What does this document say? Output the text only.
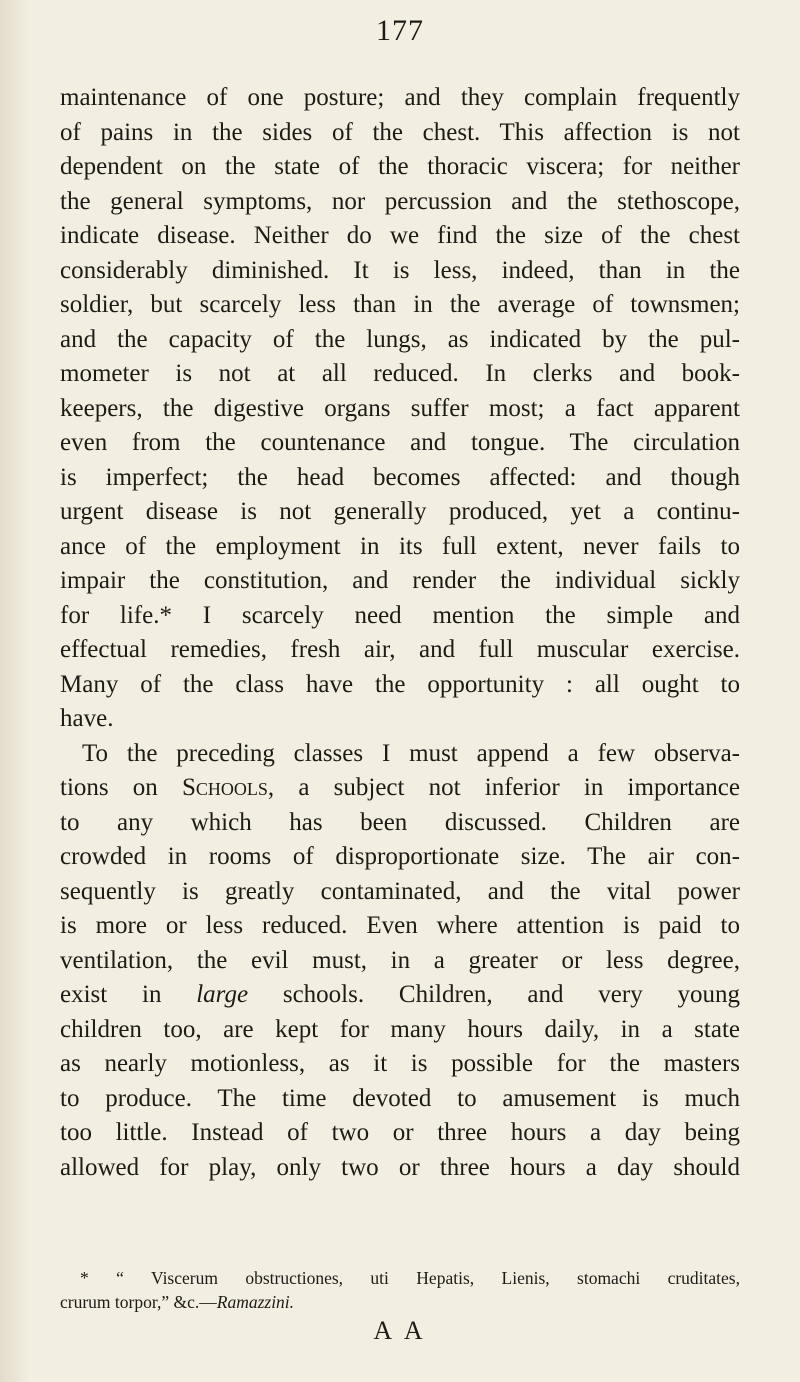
177
maintenance of one posture; and they complain frequently
of pains in the sides of the chest. This affection is not
dependent on the state of the thoracic viscera; for neither
the general symptoms, nor percussion and the stethoscope,
indicate disease. Neither do we find the size of the chest
considerably diminished. It is less, indeed, than in the
soldier, but scarcely less than in the average of townsmen;
and the capacity of the lungs, as indicated by the pul-
mometer is not at all reduced. In clerks and book-
keepers, the digestive organs suffer most; a fact apparent
even from the countenance and tongue. The circulation
is imperfect; the head becomes affected: and though
urgent disease is not generally produced, yet a continu-
ance of the employment in its full extent, never fails to
impair the constitution, and render the individual sickly
for life.* I scarcely need mention the simple and
effectual remedies, fresh air, and full muscular exercise.
Many of the class have the opportunity : all ought to
have.
To the preceding classes I must append a few observa-
tions on Schools, a subject not inferior in importance
to any which has been discussed. Children are
crowded in rooms of disproportionate size. The air con-
sequently is greatly contaminated, and the vital power
is more or less reduced. Even where attention is paid to
ventilation, the evil must, in a greater or less degree,
exist in large schools. Children, and very young
children too, are kept for many hours daily, in a state
as nearly motionless, as it is possible for the masters
to produce. The time devoted to amusement is much
too little. Instead of two or three hours a day being
allowed for play, only two or three hours a day should
* “ Viscerum obstructiones, uti Hepatis, Lienis, stomachi cruditates,
crurum torpor,” &c.—Ramazzini.
A A
